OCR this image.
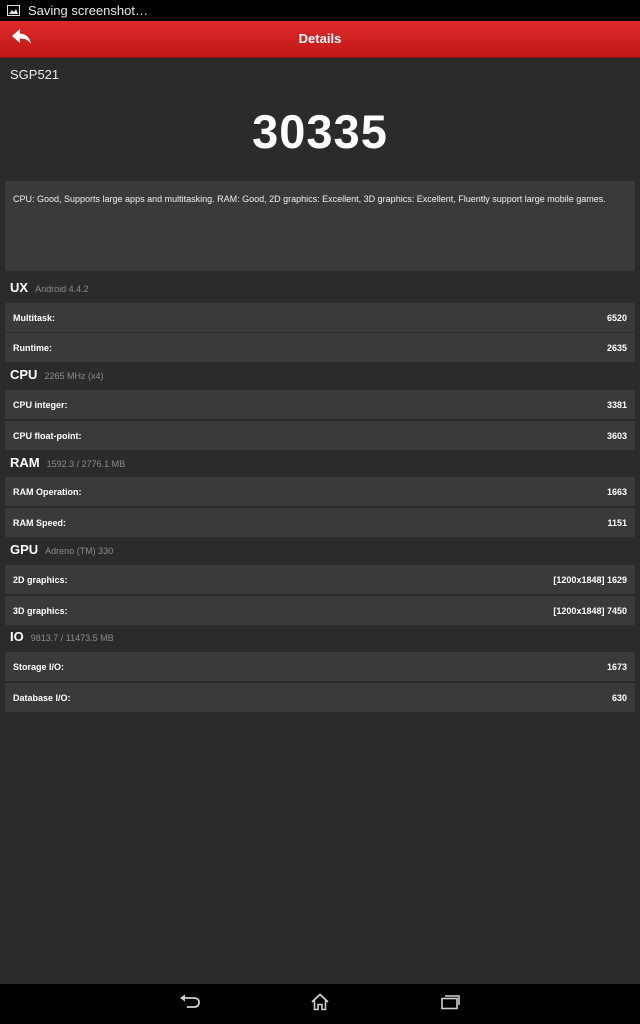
Saving screenshot…
Details
SGP521
30335
CPU: Good, Supports large apps and multitasking. RAM: Good, 2D graphics: Excellent, 3D graphics: Excellent, Fluently support large mobile games.
UX Android 4.4.2
Multitask:	6520
Runtime:	2635
CPU 2265 MHz (x4)
CPU integer:	3381
CPU float-point:	3603
RAM 1592.3 / 2776.1 MB
RAM Operation:	1663
RAM Speed:	1151
GPU Adreno (TM) 330
2D graphics:	[1200x1848] 1629
3D graphics:	[1200x1848] 7450
IO 9813.7 / 11473.5 MB
Storage I/O:	1673
Database I/O:	630
